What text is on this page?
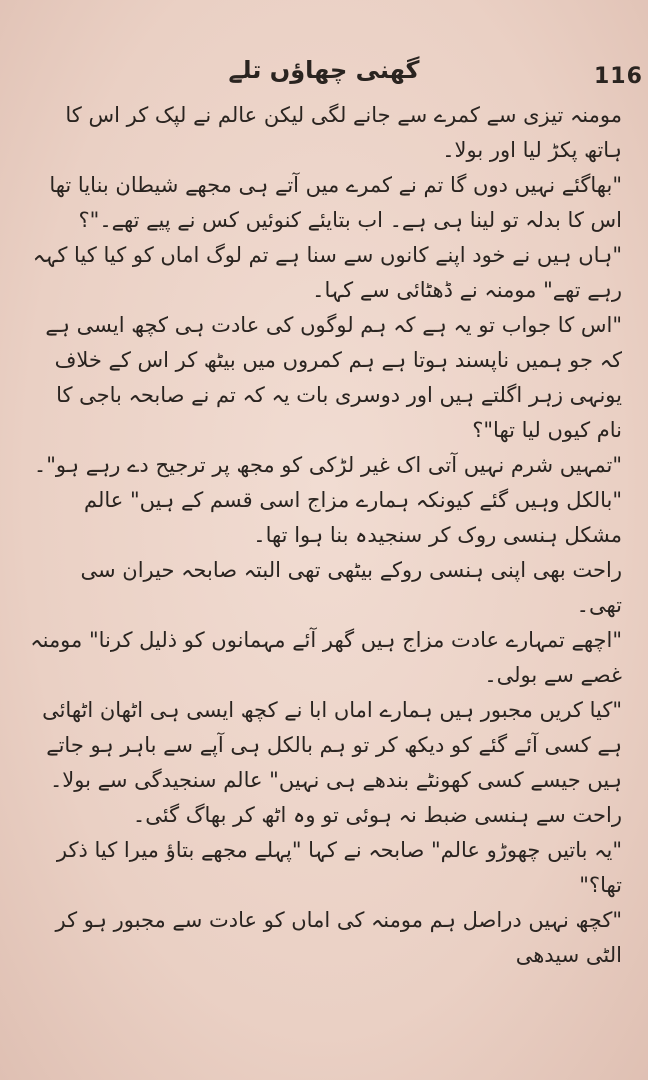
116
گھنی چھاؤں تلے

مومنہ تیزی سے کمرے سے جانے لگی لیکن عالم نے لپک کر اس کا ہاتھ پکڑ لیا اور بولا۔

"بھاگئے نہیں دوں گا تم نے کمرے میں آتے ہی مجھے شیطان بنایا تھا اس کا بدلہ تو لینا ہی ہے۔ اب بتایئے کنوئیں کس نے پیے تھے۔"؟

"ہاں ہیں نے خود اپنے کانوں سے سنا ہے تم لوگ اماں کو کیا کیا کہہ رہے تھے" مومنہ نے ڈھٹائی سے کہا۔

"اس کا جواب تو یہ ہے کہ ہم لوگوں کی عادت ہی کچھ ایسی ہے کہ جو ہمیں ناپسند ہوتا ہے ہم کمروں میں بیٹھ کر اس کے خلاف یونہی زہر اگلتے ہیں اور دوسری بات یہ کہ تم نے صابحہ باجی کا نام کیوں لیا تھا"؟

"تمہیں شرم نہیں آتی اک غیر لڑکی کو مجھ پر ترجیح دے رہے ہو"۔

"بالکل وہیں گئے کیونکہ ہمارے مزاج اسی قسم کے ہیں" عالم مشکل ہنسی روک کر سنجیدہ بنا ہوا تھا۔

راحت بھی اپنی ہنسی روکے بیٹھی تھی البتہ صابحہ حیران سی تھی۔

"اچھے تمہارے عادت مزاج ہیں گھر آئے مہمانوں کو ذلیل کرنا" مومنہ غصے سے بولی۔

"کیا کریں مجبور ہیں ہمارے اماں ابا نے کچھ ایسی ہی اٹھان اٹھائی ہے کسی آئے گئے کو دیکھ کر تو ہم بالکل ہی آپے سے باہر ہو جاتے ہیں جیسے کسی کھونٹے بندھے ہی نہیں" عالم سنجیدگی سے بولا۔

راحت سے ہنسی ضبط نہ ہوئی تو وہ اٹھ کر بھاگ گئی۔

"یہ باتیں چھوڑو عالم" صابحہ نے کہا "پہلے مجھے بتاؤ میرا کیا ذکر تھا؟"

"کچھ نہیں دراصل ہم مومنہ کی اماں کو عادت سے مجبور ہو کر الٹی سیدھی
